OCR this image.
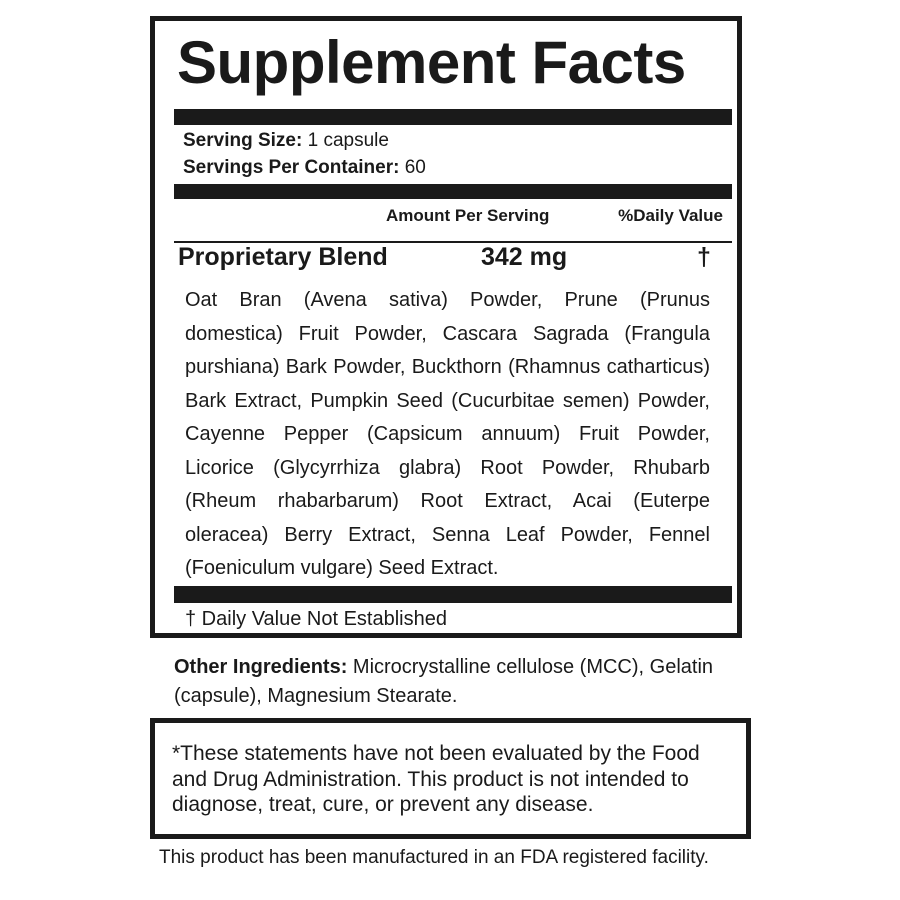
Supplement Facts
Serving Size: 1 capsule
Servings Per Container: 60
Amount Per Serving	%Daily Value
Proprietary Blend	342 mg	†

Oat Bran (Avena sativa) Powder, Prune (Prunus domestica) Fruit Powder, Cascara Sagrada (Frangula purshiana) Bark Powder, Buckthorn (Rhamnus catharticus) Bark Extract, Pumpkin Seed (Cucurbitae semen) Powder, Cayenne Pepper (Capsicum annuum) Fruit Powder, Licorice (Glycyrrhiza glabra) Root Powder, Rhubarb (Rheum rhabarbarum) Root Extract, Acai (Euterpe oleracea) Berry Extract, Senna Leaf Powder, Fennel (Foeniculum vulgare) Seed Extract.

† Daily Value Not Established

Other Ingredients: Microcrystalline cellulose (MCC), Gelatin (capsule), Magnesium Stearate.

*These statements have not been evaluated by the Food and Drug Administration. This product is not intended to diagnose, treat, cure, or prevent any disease.

This product has been manufactured in an FDA registered facility.
